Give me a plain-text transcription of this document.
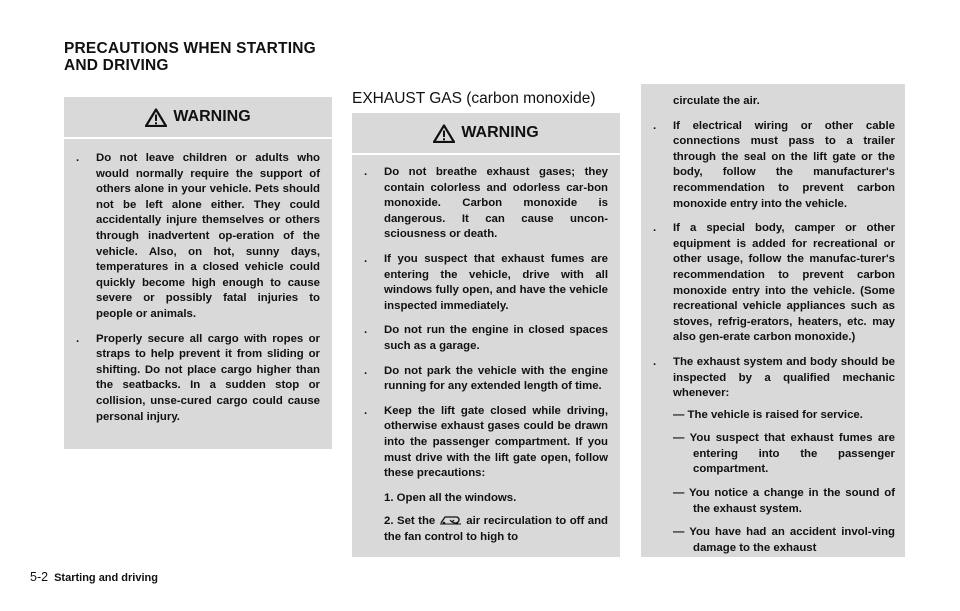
PRECAUTIONS WHEN STARTING
AND DRIVING
WARNING
. Do not leave children or adults who would normally require the support of others alone in your vehicle. Pets should not be left alone either. They could accidentally injure themselves or others through inadvertent op-eration of the vehicle. Also, on hot, sunny days, temperatures in a closed vehicle could quickly become high enough to cause severe or possibly fatal injuries to people or animals.
. Properly secure all cargo with ropes or straps to help prevent it from sliding or shifting. Do not place cargo higher than the seatbacks. In a sudden stop or collision, unse-cured cargo could cause personal injury.
EXHAUST GAS (carbon monoxide)
WARNING
. Do not breathe exhaust gases; they contain colorless and odorless car-bon monoxide. Carbon monoxide is dangerous. It can cause uncon-sciousness or death.
. If you suspect that exhaust fumes are entering the vehicle, drive with all windows fully open, and have the vehicle inspected immediately.
. Do not run the engine in closed spaces such as a garage.
. Do not park the vehicle with the engine running for any extended length of time.
. Keep the lift gate closed while driving, otherwise exhaust gases could be drawn into the passenger compartment. If you must drive with the lift gate open, follow these precautions:
1. Open all the windows.
2. Set the	air recirculation to off and the fan control to high to
circulate the air.
. If electrical wiring or other cable connections must pass to a trailer through the seal on the lift gate or the body, follow the manufacturer's recommendation to prevent carbon monoxide entry into the vehicle.
. If a special body, camper or other equipment is added for recreational or other usage, follow the manufac-turer's recommendation to prevent carbon monoxide entry into the vehicle. (Some recreational vehicle appliances such as stoves, refrig-erators, heaters, etc. may also gen-erate carbon monoxide.)
. The exhaust system and body should be inspected by a qualified mechanic whenever:
— The vehicle is raised for service.
— You suspect that exhaust fumes are entering into the passenger compartment.
— You notice a change in the sound of the exhaust system.
— You have had an accident invol-ving damage to the exhaust
5-2 Starting and driving
